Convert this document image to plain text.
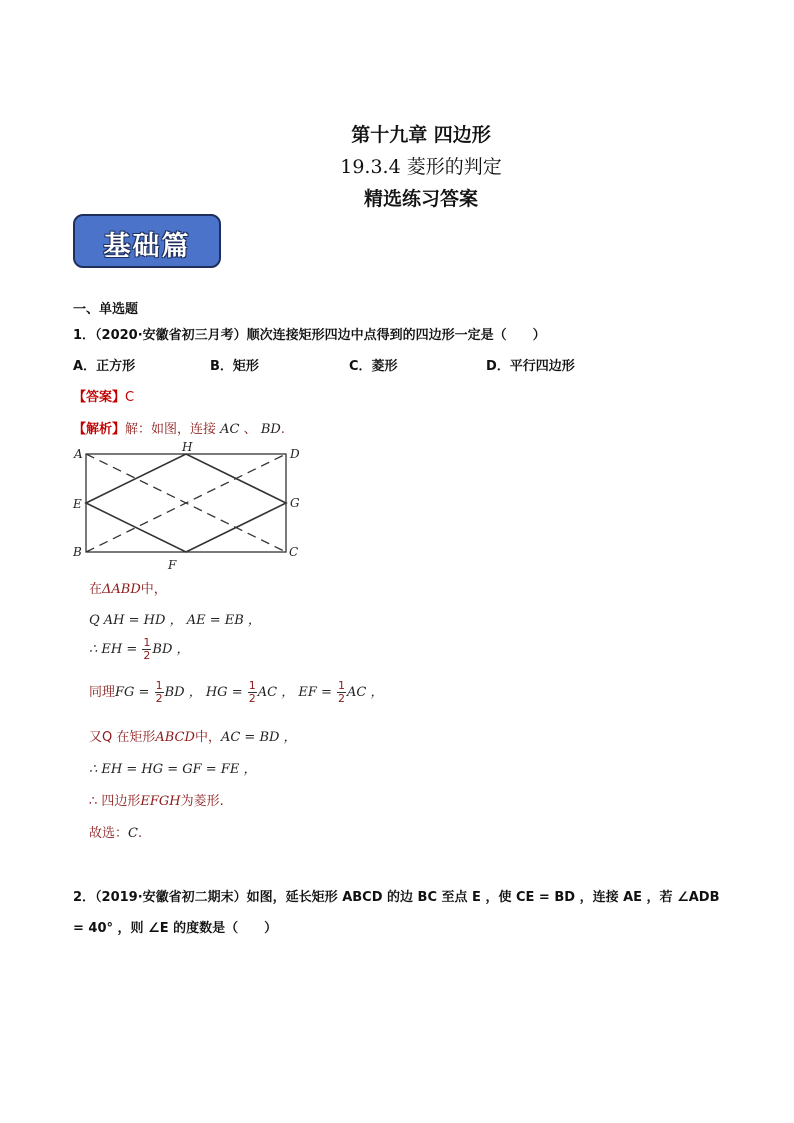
第十九章 四边形
19.3.4 菱形的判定
精选练习答案
基础篇
一、单选题
1．（2020·安徽省初三月考）顺次连接矩形四边中点得到的四边形一定是（　　）
A．正方形	B．矩形	C．菱形	D．平行四边形
【答案】C
【解析】解：如图，连接 AC 、 BD.
A	H	D
E	G
B	C
F
在ΔABD中，
Q AH = HD ， AE = EB ，
∴ EH = $\frac{1}{2}$ BD ，
同理FG = $\frac{1}{2}$ BD ， HG = $\frac{1}{2}$ AC ， EF = $\frac{1}{2}$ AC ，
又Q 在矩形ABCD中，AC = BD ，
∴ EH = HG = GF = FE ，
∴ 四边形EFGH为菱形.
故选：C.
2．（2019·安徽省初二期末）如图，延长矩形 ABCD 的边 BC 至点 E ，使 CE = BD ，连接 AE ，若 ∠ADB
= 40° ，则 ∠E 的度数是（　　）
